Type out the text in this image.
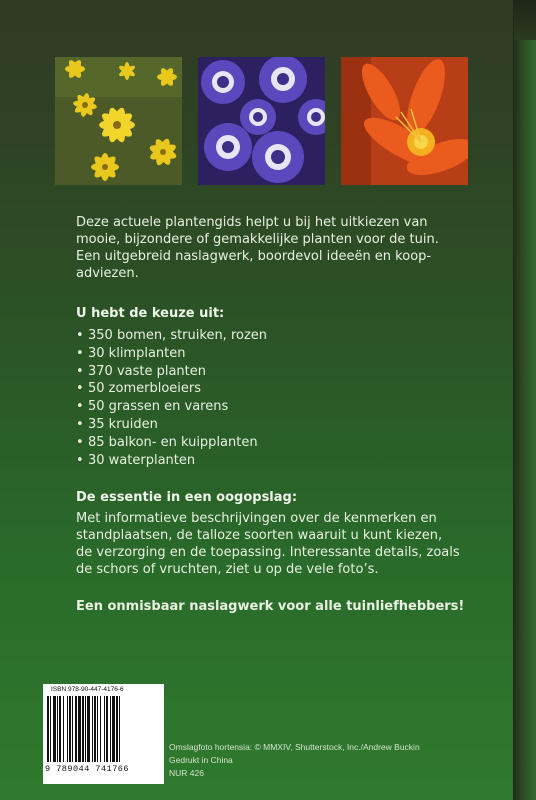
Deze actuele plantengids helpt u bij het uitkiezen van mooie, bijzondere of gemakkelijke planten voor de tuin. Een uitgebreid naslagwerk, boordevol ideeën en koop-adviezen.
U hebt de keuze uit:
• 350 bomen, struiken, rozen
• 30 klimplanten
• 370 vaste planten
• 50 zomerbloeiers
• 50 grassen en varens
• 35 kruiden
• 85 balkon- en kuipplanten
• 30 waterplanten
De essentie in een oogopslag:
Met informatieve beschrijvingen over de kenmerken en standplaatsen, de talloze soorten waaruit u kunt kiezen, de verzorging en de toepassing. Interessante details, zoals de schors of vruchten, ziet u op de vele foto’s.
Een onmisbaar naslagwerk voor alle tuinliefhebbers!
ISBN 978-90-447-4176-6
9 789044 741766
Omslagfoto hortensia: © MMXIV, Shutterstock, Inc./Andrew Buckin
Gedrukt in China
NUR 426
